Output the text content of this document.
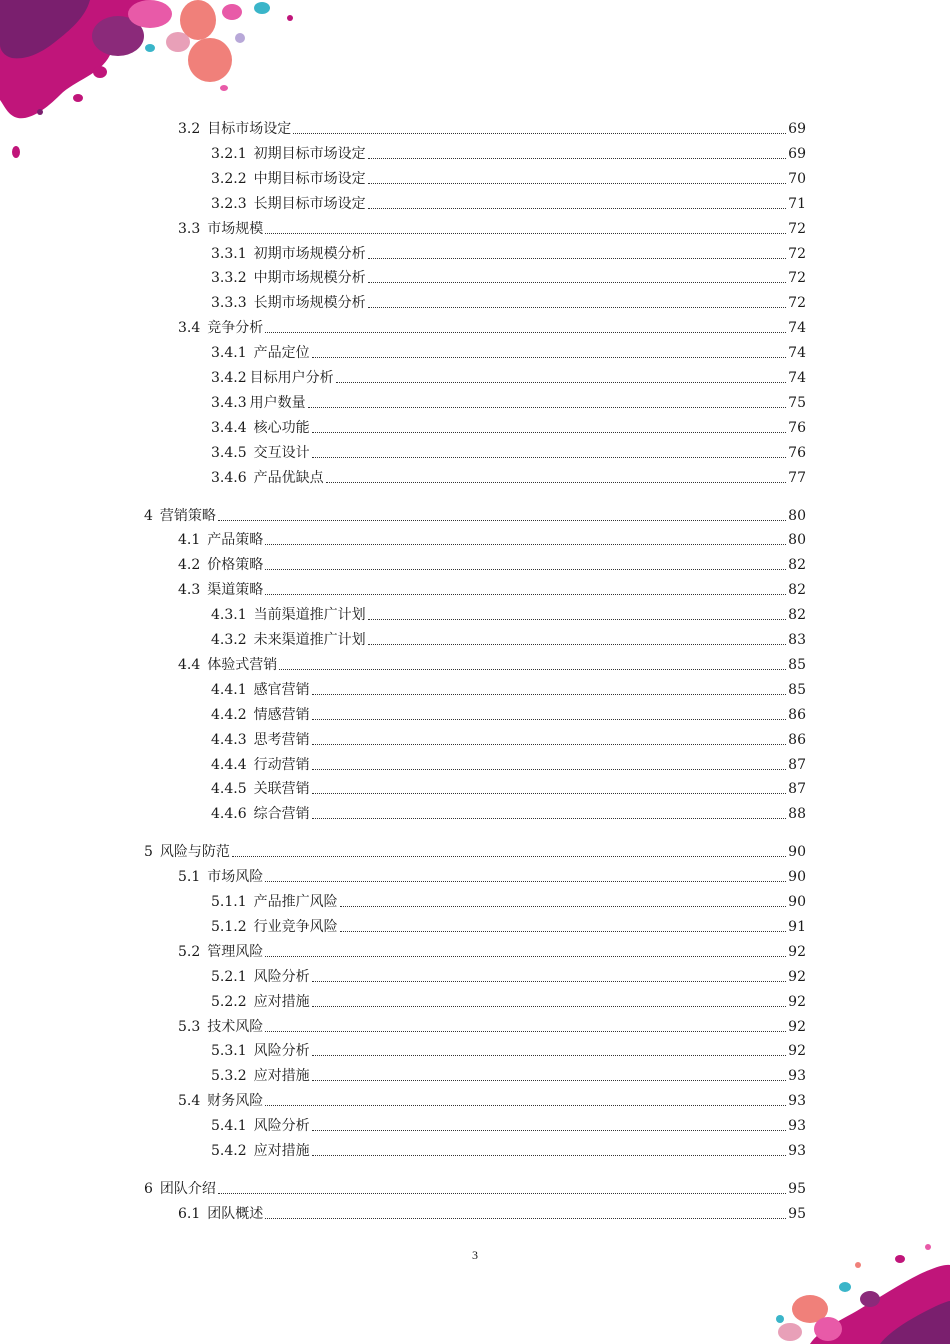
3.2 目标市场设定	69
3.2.1 初期目标市场设定	69
3.2.2 中期目标市场设定	70
3.2.3 长期目标市场设定	71
3.3 市场规模	72
3.3.1 初期市场规模分析	72
3.3.2 中期市场规模分析	72
3.3.3 长期市场规模分析	72
3.4 竞争分析	74
3.4.1 产品定位	74
3.4.2 目标用户分析	74
3.4.3 用户数量	75
3.4.4 核心功能	76
3.4.5 交互设计	76
3.4.6 产品优缺点	77
4 营销策略	80
4.1 产品策略	80
4.2 价格策略	82
4.3 渠道策略	82
4.3.1 当前渠道推广计划	82
4.3.2 未来渠道推广计划	83
4.4 体验式营销	85
4.4.1 感官营销	85
4.4.2 情感营销	86
4.4.3 思考营销	86
4.4.4 行动营销	87
4.4.5 关联营销	87
4.4.6 综合营销	88
5 风险与防范	90
5.1 市场风险	90
5.1.1 产品推广风险	90
5.1.2 行业竞争风险	91
5.2 管理风险	92
5.2.1 风险分析	92
5.2.2 应对措施	92
5.3 技术风险	92
5.3.1 风险分析	92
5.3.2 应对措施	93
5.4 财务风险	93
5.4.1 风险分析	93
5.4.2 应对措施	93
6 团队介绍	95
6.1 团队概述	95
3
